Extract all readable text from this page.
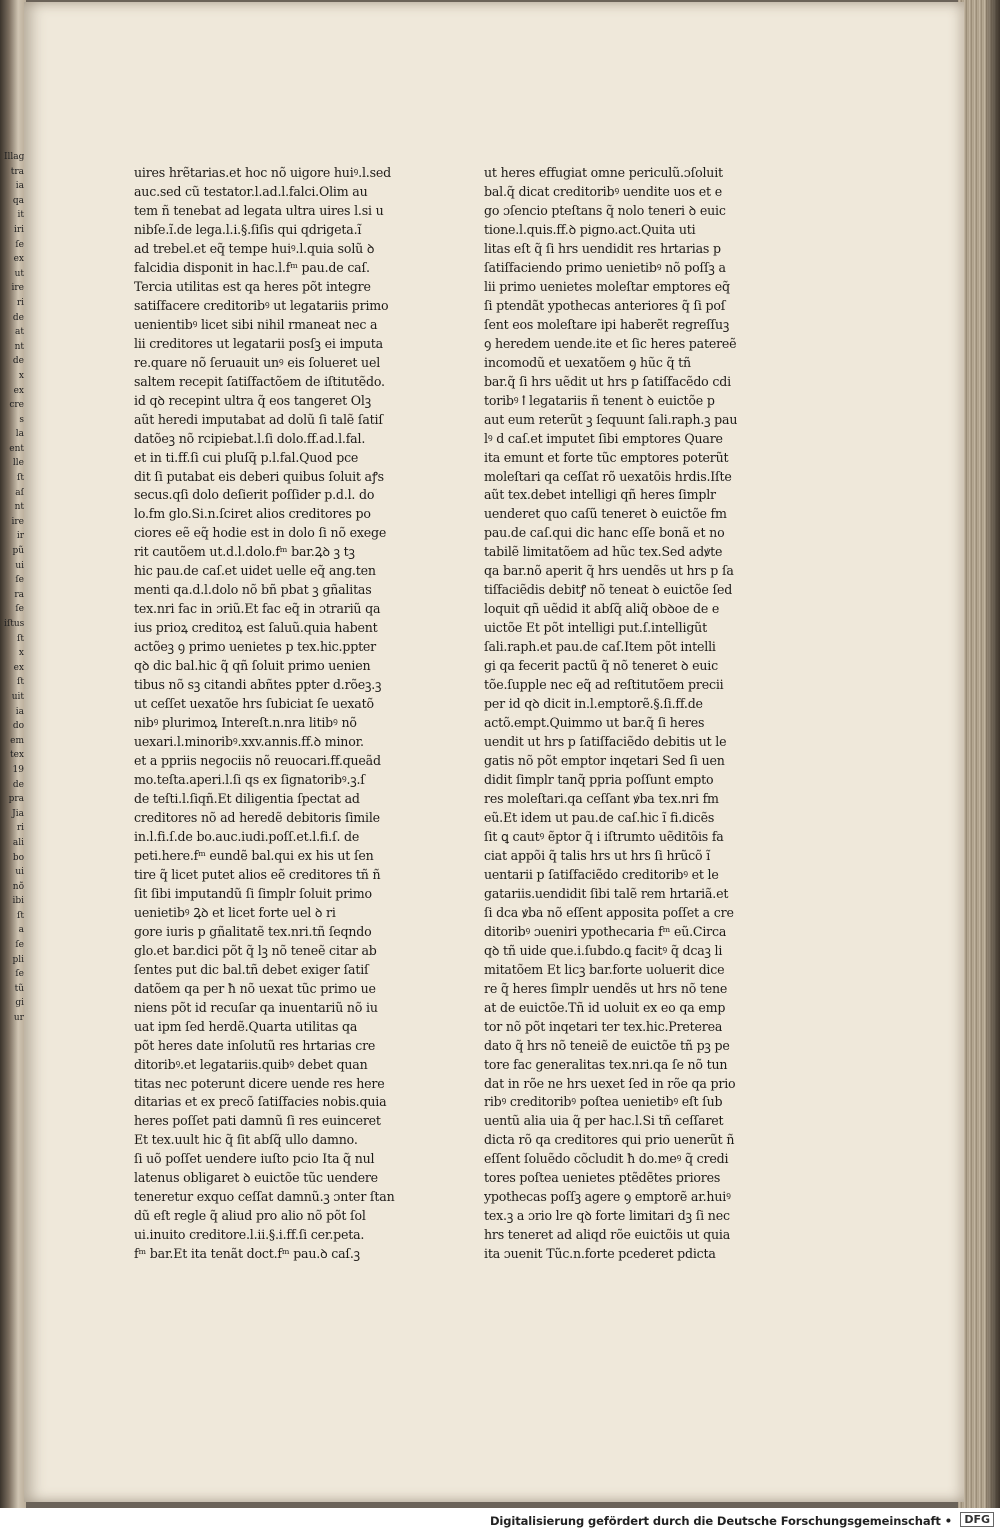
Illag
tra
ia
qa
it
iri
ſe
ex
ut
ire
ri
de
at
nt
de
x
ex
cre
s
la
ent
lle
ſt
aſ
nt
ire
ir
pũ
ui
ſe
ra
ſe
iſtus
ſt
x
ex
ſt
uit
ia
do
em
tex
19
de
pra
Jia
ri
ali
bo
ui
nõ
ibi
ſt
a
ſe
pli
ſe
tũ
gi
ur
uires hrẽtarias.et hoc nõ uigore huiꝰ.l.sed
auc.sed cũ testator.l.ad.l.falci.Olim au
tem ñ tenebat ad legata ultra uires l.si u
nibſe.ĩ.de lega.l.i.§.ſiſis qui qdrigeta.ĩ
ad trebel.et eq̃ tempe huiꝰ.l.quia solũ ꝺ
falcidia disponit in hac.l.fᵐ pau.de caſ.
Tercia utilitas est qa heres põt integre
satiſfacere creditoribꝰ ut legatariis primo
uenientibꝰ licet sibi nihil rmaneat nec a
lii creditores ut legatarii posſꝫ ei imputa
re.quare nõ ſeruauit unꝰ eis ſolueret uel
saltem recepit ſatiſfactõem de iſtitutẽdo.
id qꝺ recepint ultra q̃ eos tangeret Olꝫ
aũt heredi imputabat ad dolũ ſi talẽ ſatiſ
datõeꝫ nõ rcipiebat.l.ſi dolo.ff.ad.l.fal.
et in ti.ff.ſi cui pluſq̃ p.l.fal.Quod pce
dit ſi putabat eis deberi quibus ſoluit aꝭs
secus.qſi dolo deſierit poſſider p.d.l. do
lo.fm glo.Si.n.ſciret alios creditores po
ciores eẽ eq̃ hodie est in dolo ſi nõ exege
rit cautõem ut.d.l.dolo.fᵐ bar.Ꝝꝺ ꝫ tꝫ
hic pau.de caſ.et uidet uelle eq̃ ang.ten
menti qa.d.l.dolo nõ bñ pbat ꝫ gñalitas
tex.nri fac in ɔriũ.Et fac eq̃ in ɔtrariũ qa
ius prioꝝ creditoꝝ est ſaluũ.quia habent
actõeꝫ ꝯ primo uenietes p tex.hic.ppter
qꝺ dic bal.hic q̃ qñ ſoluit primo uenien
tibus nõ sꝫ citandi abñtes ppter d.rõeꝫ.ꝫ
ut ceſſet uexatõe hrs ſubiciat ſe uexatõ
nibꝰ plurimoꝝ Intereſt.n.nra litibꝰ nõ
uexari.l.minoribꝰ.xxv.annis.ff.ꝺ minor.
et a ppriis negociis nõ reuocari.ff.queãd
mo.teſta.aperi.l.ſi qs ex ſignatoribꝰ.ꝫ.ſ
de teſti.l.ſiqñ.Et diligentia ſpectat ad
creditores nõ ad heredẽ debitoris ſimile
in.l.fi.ſ.de bo.auc.iudi.poſſ.et.l.fi.ſ. de
peti.here.fᵐ eundẽ bal.qui ex his ut ſen
tire q̃ licet putet alios eẽ creditores tñ ñ
ſit ſibi imputandũ ſi ſimplr ſoluit primo
uenietibꝰ Ꝝꝺ et licet forte uel ꝺ ri
gore iuris p gñalitatẽ tex.nri.tñ ſeqndo
glo.et bar.dici põt q̃ lꝫ nõ teneẽ citar ab
ſentes put dic bal.tñ debet exiger ſatiſ
datõem qa per ħ nõ uexat tũc primo ue
niens põt id recuſar qa inuentariũ nõ iu
uat ipm ſed herdẽ.Quarta utilitas qa
põt heres date inſolutũ res hrtarias cre
ditoribꝰ.et legatariis.quibꝰ debet quan
titas nec poterunt dicere uende res here
ditarias et ex precõ ſatiſfacies nobis.quia
heres poſſet pati damnũ ſi res euinceret
Et tex.uult hic q̃ ſit abſq̃ ullo damno.
ſi uõ poſſet uendere iuſto pcio Ita q̃ nul
latenus obligaret ꝺ euictõe tũc uendere
teneretur exquo ceſſat damnũ.ꝫ ɔnter ſtan
dũ eſt regle q̃ aliud pro alio nõ põt ſol
ui.inuito creditore.l.ii.§.i.ff.ſi cer.peta.
fᵐ bar.Et ita tenãt doct.fᵐ pau.ꝺ caſ.ꝫ
ut heres effugiat omne periculũ.ɔſoluit
bal.q̃ dicat creditoribꝰ uendite uos et e
go ɔſencio pteſtans q̃ nolo teneri ꝺ euic
tione.l.quis.ff.ꝺ pigno.act.Quita uti
litas eſt q̃ ſi hrs uendidit res hrtarias p
ſatiſfaciendo primo uenietibꝰ nõ poſſꝫ a
lii primo uenietes moleſtar emptores eq̃
ſi ptendãt ypothecas anteriores q̃ ſi poſ
ſent eos moleſtare ipi haberẽt regreſſuꝫ
ꝯ heredem uende.ite et ſic heres patereẽ
incomodũ et uexatõem ꝯ hũc q̃ tñ
bar.q̃ ſi hrs uẽdit ut hrs p ſatiſfacẽdo cdi
toribꝰ ꝉ legatariis ñ tenent ꝺ euictõe p
aut eum reterũt ꝫ ſequunt ſali.raph.ꝫ pau
lꝰ d caſ.et imputet ſibi emptores Quare
ita emunt et forte tũc emptores poterũt
moleſtari qa ceſſat rõ uexatõis hrdis.Iſte
aũt tex.debet intelligi qñ heres ſimplr
uenderet quo caſũ teneret ꝺ euictõe fm
pau.de caſ.qui dic hanc eſſe bonã et no
tabilẽ limitatõem ad hũc tex.Sed adꝟte
qa bar.nõ aperit q̃ hrs uendẽs ut hrs p ſa
tiſfaciẽdis debitꝭ nõ teneat ꝺ euictõe ſed
loquit qñ uẽdid it abſq̃ aliq̃ obꝺoe de e
uictõe Et põt intelligi put.ſ.intelligũt
ſali.raph.et pau.de caſ.Item põt intelli
gi qa fecerit pactũ q̃ nõ teneret ꝺ euic
tõe.ſupple nec eq̃ ad reſtitutõem precii
per id qꝺ dicit in.l.emptorẽ.§.ſi.ff.de
actõ.empt.Quimmo ut bar.q̃ ſi heres
uendit ut hrs p ſatiſfaciẽdo debitis ut le
gatis nõ põt emptor inqetari Sed ſi uen
didit ſimplr tanq̃ ppria poſſunt empto
res moleſtari.qa ceſſant ꝟba tex.nri fm
eũ.Et idem ut pau.de caſ.hic ĩ fi.dicẽs
ſit ꝗ cautꝰ ẽptor q̃ i iſtrumto uẽditõis fa
ciat appõi q̃ talis hrs ut hrs ſi hrũcõ ĩ
uentarii p ſatiſfaciẽdo creditoribꝰ et le
gatariis.uendidit ſibi talẽ rem hrtariã.et
ſi dca ꝟba nõ eſſent apposita poſſet a cre
ditoribꝰ ɔueniri ypothecaria fᵐ eũ.Circa
qꝺ tñ uide que.i.ſubdo.ꝗ facitꝰ q̃ dcaꝫ li
mitatõem Et licꝫ bar.forte uoluerit dice
re q̃ heres ſimplr uendẽs ut hrs nõ tene
at de euictõe.Tñ id uoluit ex eo qa emp
tor nõ põt inqetari ter tex.hic.Preterea
dato q̃ hrs nõ teneiẽ de euictõe tñ pꝫ pe
tore fac generalitas tex.nri.qa ſe nõ tun
dat in rõe ne hrs uexet ſed in rõe qa prio
ribꝰ creditoribꝰ poſtea uenietibꝰ eſt ſub
uentũ alia uia q̃ per hac.l.Si tñ ceſſaret
dicta rõ qa creditores qui prio uenerũt ñ
eſſent ſoluẽdo cõcludit ħ do.meꝰ q̃ credi
tores poſtea uenietes ptẽdẽtes priores
ypothecas poſſꝫ agere ꝯ emptorẽ ar.huiꝰ
tex.ꝫ a ɔrio lre qꝺ forte limitari dꝫ ſi nec
hrs teneret ad aliqd rõe euictõis ut quia
ita ɔuenit Tũc.n.forte pcederet pdicta
Digitalisierung gefördert durch die Deutsche Forschungsgemeinschaft •	DFG
